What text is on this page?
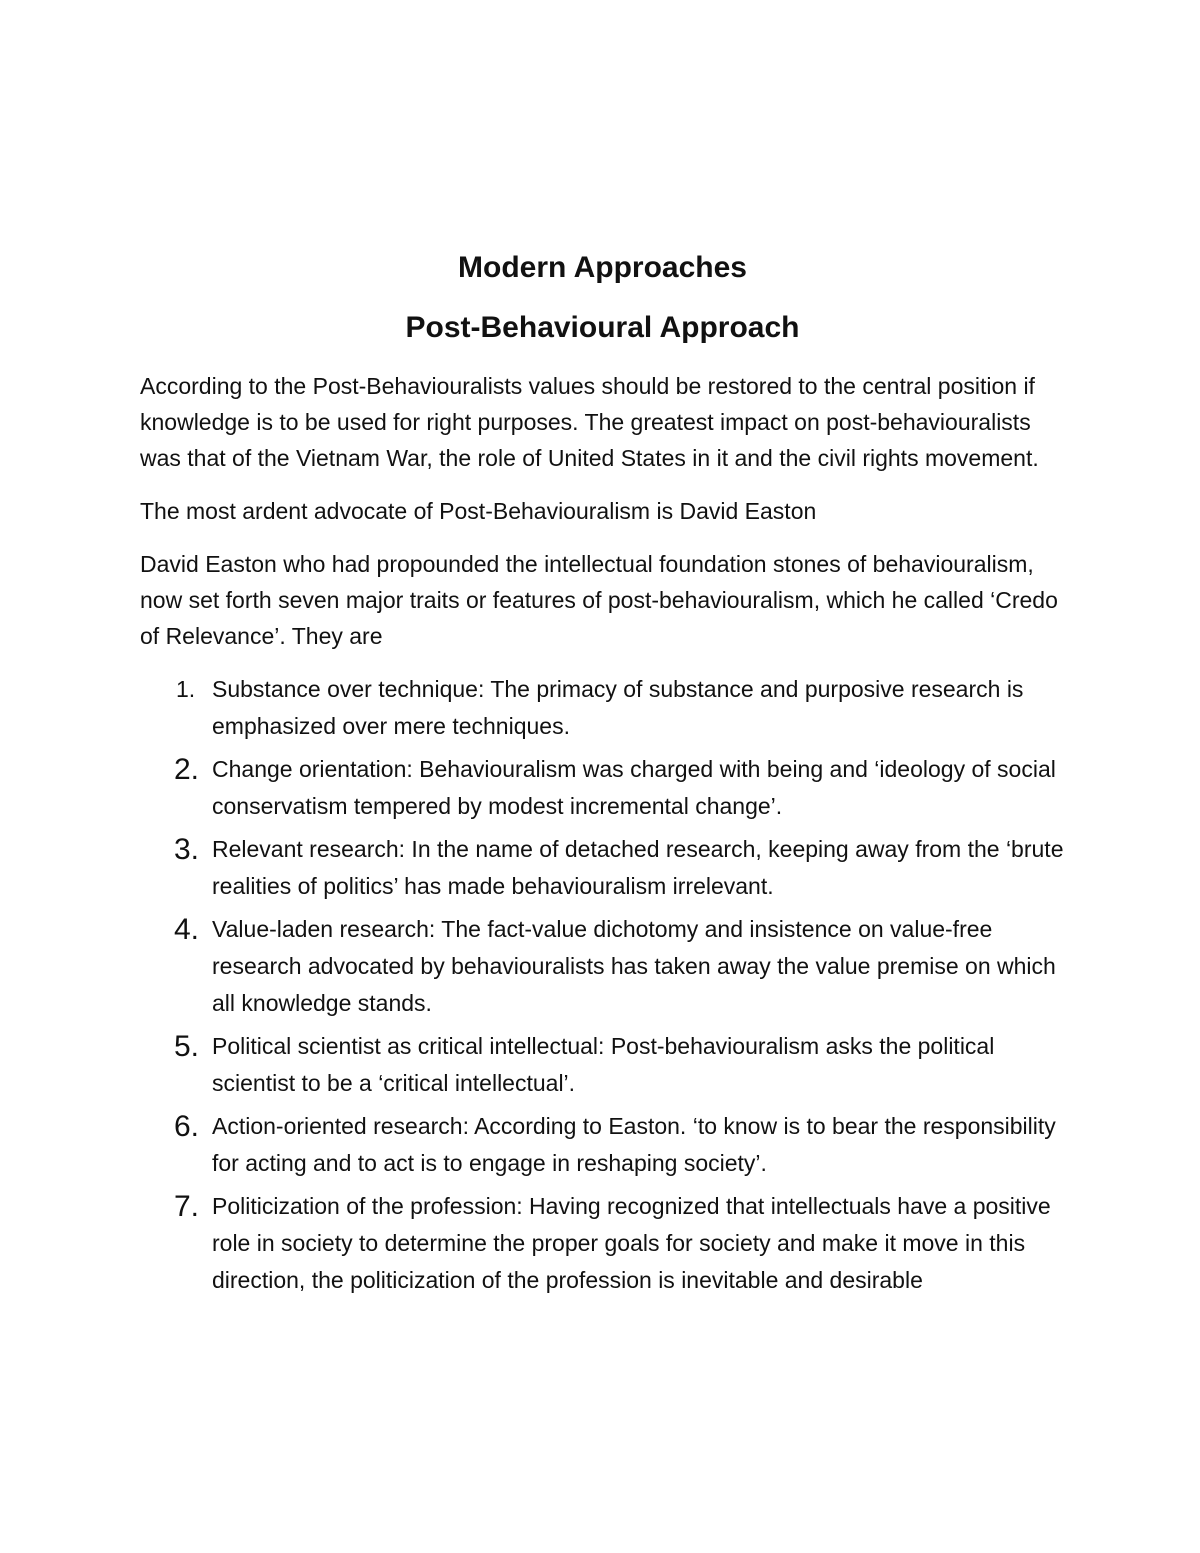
Modern Approaches
Post-Behavioural Approach

According to the Post-Behaviouralists values should be restored to the central position if knowledge is to be used for right purposes. The greatest impact on post-behaviouralists was that of the Vietnam War, the role of United States in it and the civil rights movement.

The most ardent advocate of Post-Behaviouralism is David Easton

David Easton who had propounded the intellectual foundation stones of behaviouralism, now set forth seven major traits or features of post-behaviouralism, which he called ‘Credo of Relevance’. They are

1. Substance over technique: The primacy of substance and purposive research is emphasized over mere techniques.
2. Change orientation: Behaviouralism was charged with being and ‘ideology of social conservatism tempered by modest incremental change’.
3. Relevant research: In the name of detached research, keeping away from the ‘brute realities of politics’ has made behaviouralism irrelevant.
4. Value-laden research: The fact-value dichotomy and insistence on value-free research advocated by behaviouralists has taken away the value premise on which all knowledge stands.
5. Political scientist as critical intellectual: Post-behaviouralism asks the political scientist to be a ‘critical intellectual’.
6. Action-oriented research: According to Easton. ‘to know is to bear the responsibility for acting and to act is to engage in reshaping society’.
7. Politicization of the profession: Having recognized that intellectuals have a positive role in society to determine the proper goals for society and make it move in this direction, the politicization of the profession is inevitable and desirable
